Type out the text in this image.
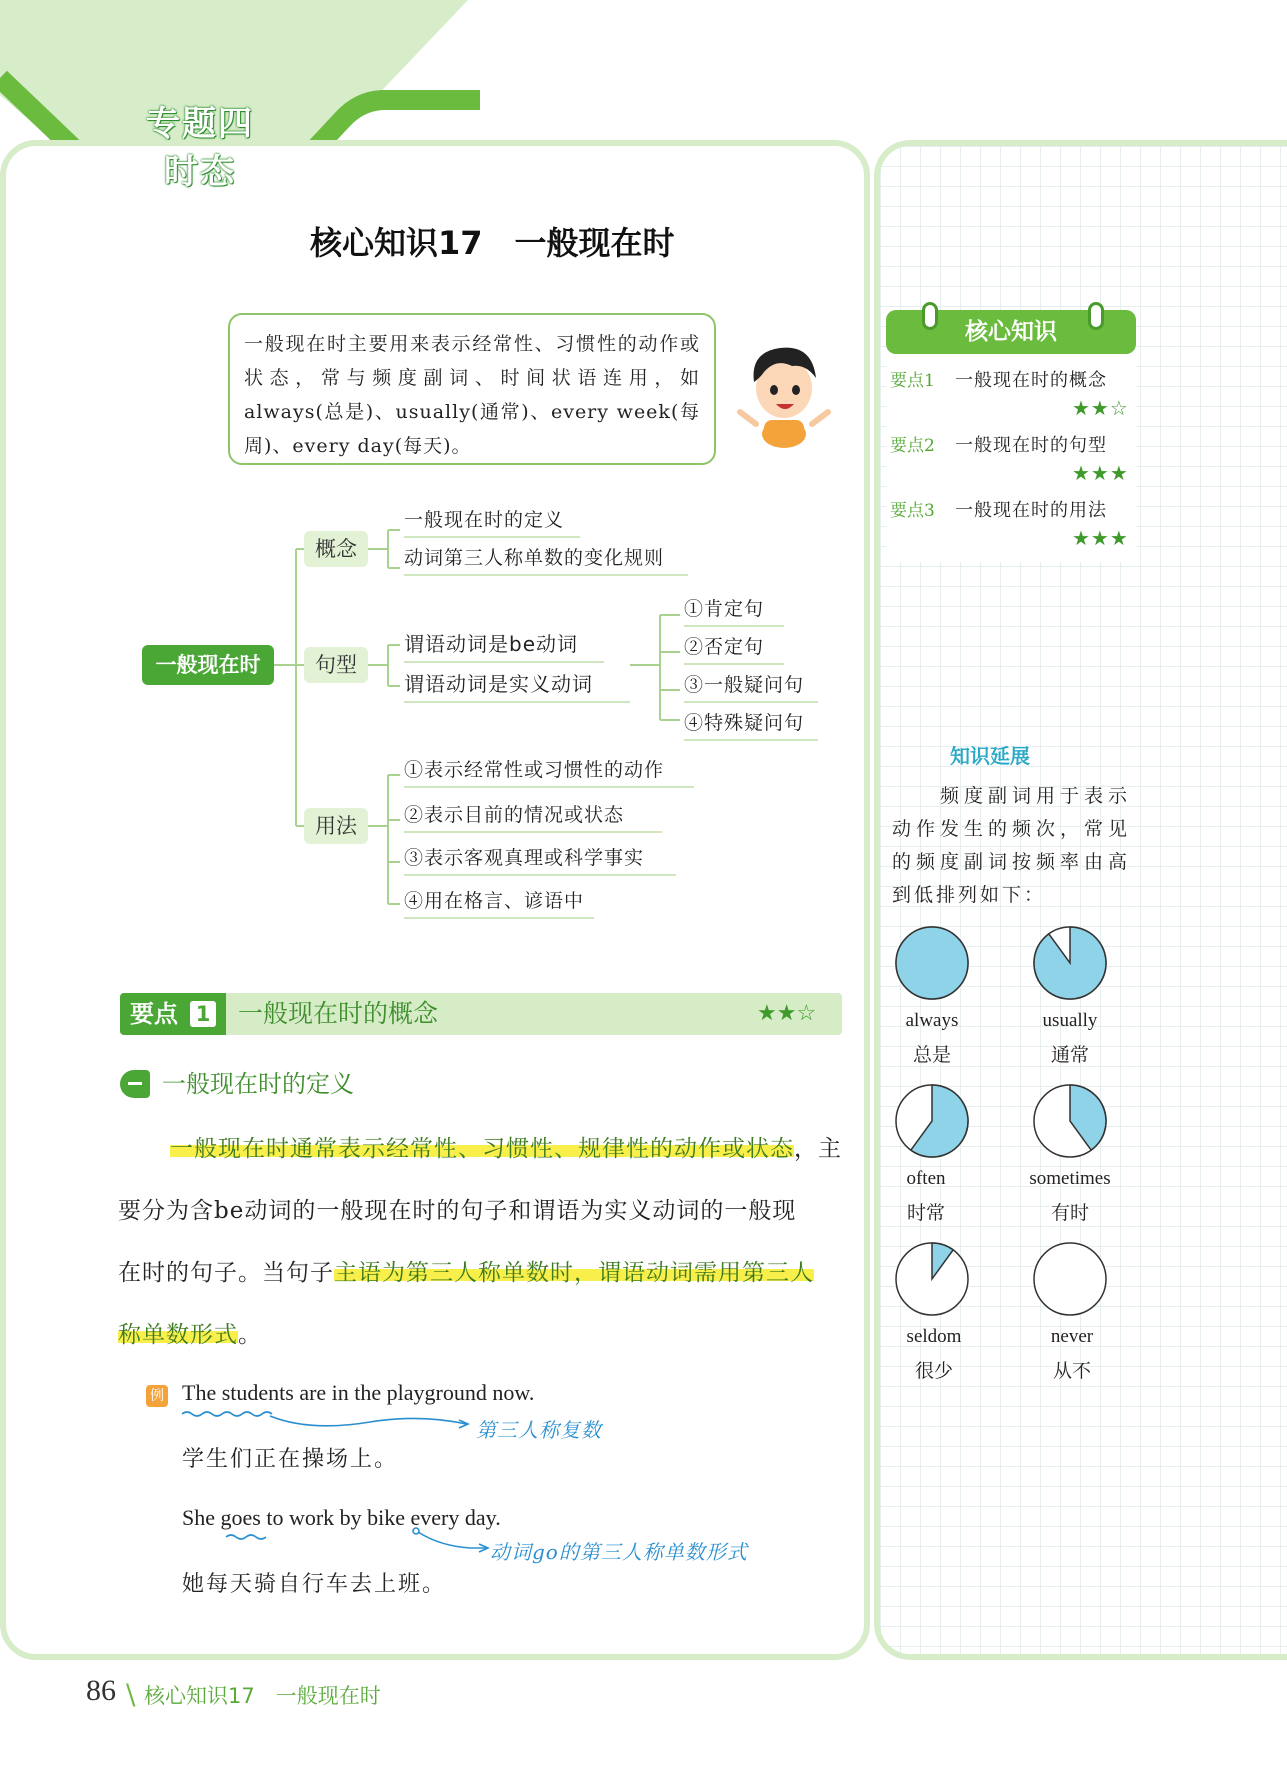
专题四
时态
核心知识17　一般现在时
一般现在时主要用来表示经常性、习惯性的动作或状态，常与频度副词、时间状语连用，如always(总是)、usually(通常)、every week(每周)、every day(每天)。
一般现在时
概念
句型
用法
一般现在时的定义
动词第三人称单数的变化规则
谓语动词是be动词
谓语动词是实义动词
①肯定句
②否定句
③一般疑问句
④特殊疑问句
①表示经常性或习惯性的动作
②表示目前的情况或状态
③表示客观真理或科学事实
④用在格言、谚语中
核心知识
要点1 一般现在时的概念
★★☆
要点2 一般现在时的句型
★★★
要点3 一般现在时的用法
★★★
知识延展
　　频度副词用于表示动作发生的频次，常见的频度副词按频率由高到低排列如下：
always
总是
usually
通常
often
时常
sometimes
有时
seldom
很少
never
从不
要点 1 一般现在时的概念	★★☆
一般现在时的定义
一般现在时通常表示经常性、习惯性、规律性的动作或状态，主
要分为含be动词的一般现在时的句子和谓语为实义动词的一般现
在时的句子。当句子主语为第三人称单数时，谓语动词需用第三人
称单数形式。
例 The students are in the playground now.
第三人称复数
学生们正在操场上。
She goes to work by bike every day.
动词go的第三人称单数形式
她每天骑自行车去上班。
86 \ 核心知识17　一般现在时
